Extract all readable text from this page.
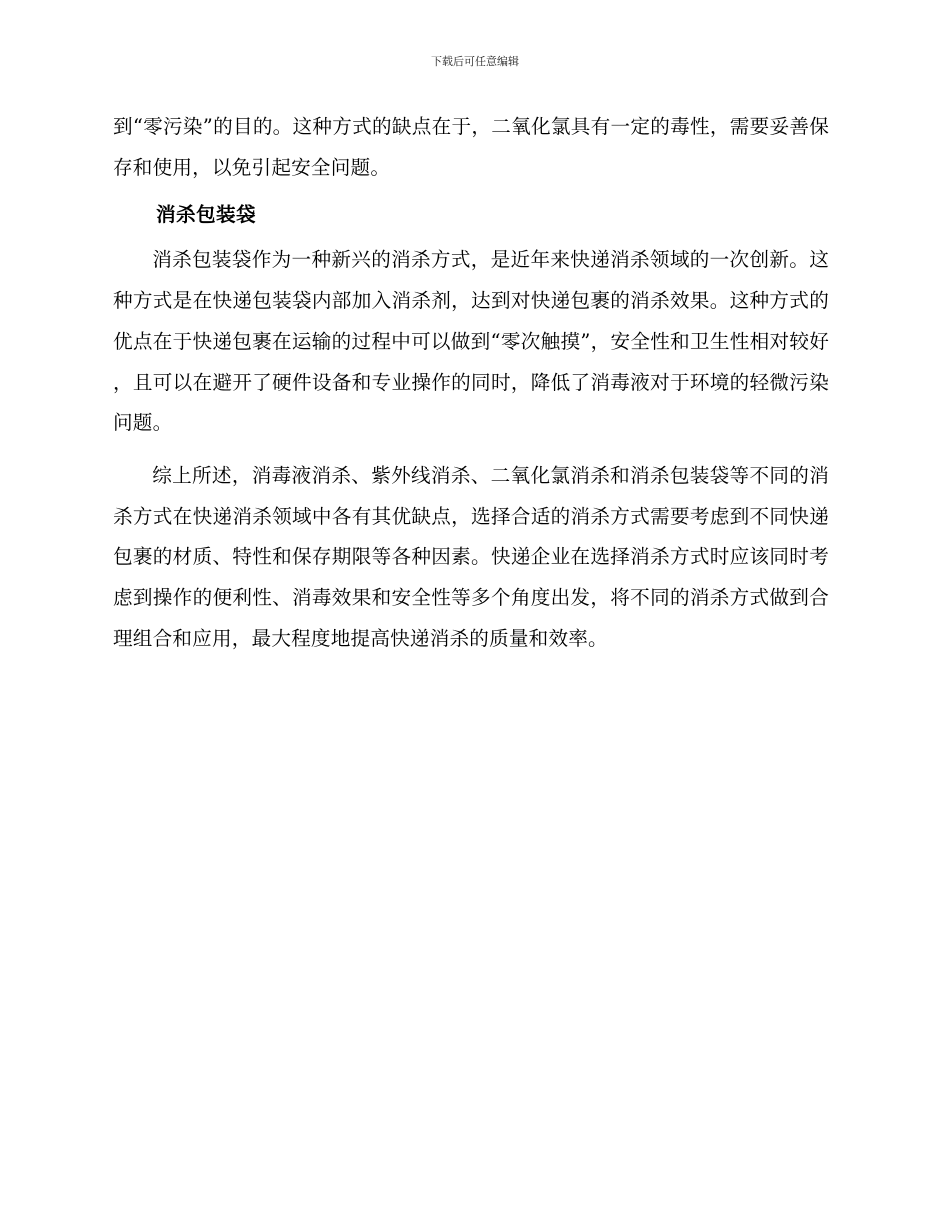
下载后可任意编辑

到“零污染”的目的。这种方式的缺点在于，二氧化氯具有一定的毒性，需要妥善保存和使用，以免引起安全问题。

消杀包装袋

消杀包装袋作为一种新兴的消杀方式，是近年来快递消杀领域的一次创新。这种方式是在快递包装袋内部加入消杀剂，达到对快递包裹的消杀效果。这种方式的优点在于快递包裹在运输的过程中可以做到“零次触摸”，安全性和卫生性相对较好，且可以在避开了硬件设备和专业操作的同时，降低了消毒液对于环境的轻微污染问题。

综上所述，消毒液消杀、紫外线消杀、二氧化氯消杀和消杀包装袋等不同的消杀方式在快递消杀领域中各有其优缺点，选择合适的消杀方式需要考虑到不同快递包裹的材质、特性和保存期限等各种因素。快递企业在选择消杀方式时应该同时考虑到操作的便利性、消毒效果和安全性等多个角度出发，将不同的消杀方式做到合理组合和应用，最大程度地提高快递消杀的质量和效率。
